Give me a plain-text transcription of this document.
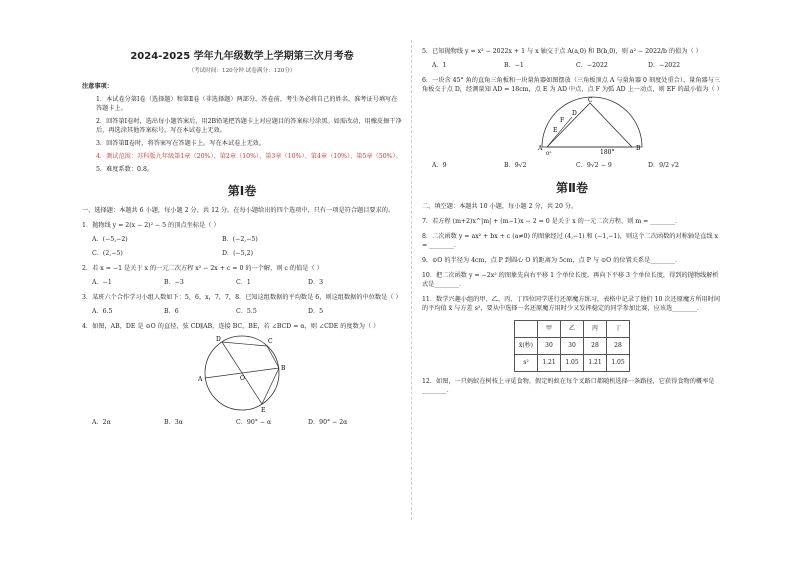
2024-2025 学年九年级数学上学期第三次月考卷
（考试时间：120分钟 试卷满分：120分）
注意事项：
1．本试卷分第Ⅰ卷（选择题）和第Ⅱ卷（非选择题）两部分。答卷前，考生务必将自己的姓名、准考证号填写在答题卡上。
2．回答第Ⅰ卷时，选出每小题答案后，用2B铅笔把答题卡上对应题目的答案标号涂黑。如需改动，用橡皮擦干净后，再选涂其他答案标号。写在本试卷上无效。
3．回答第Ⅱ卷时，将答案写在答题卡上。写在本试卷上无效。
4．测试范围：苏科版九年级第1章（20%）、第2章（10%）、第3章（10%）、第4章（10%）、第5章（50%）。
5．难度系数：0.8。
第Ⅰ卷
一、选择题：本题共 6 小题，每小题 2 分，共 12 分。在每小题给出的四个选项中，只有一项是符合题目要求的。
1．抛物线 y = 2(x − 2)² − 5 的顶点坐标是（ ）
A．(−5,−2)	B．(−2,−5)
C．(2,−5)	D．(−5,2)
2．若 x = −1 是关于 x 的一元二次方程 x² − 2x + c = 0 的一个解，则 c 的值是（ ）
A．−1	B．−3	C．1	D．3
3．某班六个合作学习小组人数如下：5，6，x，7，7，8．已知这组数据的平均数是 6，则这组数据的中位数是（ ）
A．6.5	B．6	C．5.5	D．5
4．如图，AB，DE 是 ⊙O 的直径，弦 CD∥AB，连接 BC，BE，若 ∠BCD = α，则 ∠CDE 的度数为（ ）
C
D
A	O
B
E
A．2α	B．3α	C．90° − α	D．90° − 2α
5．已知抛物线 y = x² − 2022x + 1 与 x 轴交于点 A(a,0) 和 B(b,0)，则 a² − 2022/b 的值为（ ）
A．1	B．−1	C．−2022	D．−2022
6．一块含 45° 角的直角三角板和一块量角器如图摆放（三角板顶点 A 与量角器 0 刻度处重合），量角器与三角板交于点 D，经测量知 AD = 18cm，点 E 为 AD 中点，点 F 为弧 AD 上一动点，则 EF 的最小值为（ ）
C
F
D
E
A	B
0°	180°
A．9	B．9√2	C．9√2 − 9	D．9/2 √2
第Ⅱ卷
二、填空题：本题共 10 小题，每小题 2 分，共 20 分。
7．若方程 (m+2)x^|m| + (m−1)x − 2 = 0 是关于 x 的一元二次方程，则 m = ________．
8．二次函数 y = ax² + bx + c (a≠0) 的图象经过 (4,−1) 和 (−1,−1)，则这个二次函数的对称轴是直线 x = ________．
9．⊙O 的半径为 4cm，点 P 到圆心 O 的距离为 5cm，点 P 与 ⊙O 的位置关系是________．
10．把二次函数 y = −2x² 的图象先向右平移 1 个单位长度，再向下平移 3 个单位长度，得到的抛物线解析式是________．
11．数学兴趣小组的甲、乙、丙、丁四位同学进行还原魔方练习，表格中记录了他们 10 次还原魔方所用时间的平均值 x̄ 与方差 s²，要从中选择一名还原魔方用时少又发挥稳定的同学参加比赛，应该选________．
	甲	乙	丙	丁
x̄(秒)	30	30	28	28
s²	1.21	1.05	1.21	1.05
12．如图，一只蚂蚁在树枝上寻觅食物，假定蚂蚁在每个叉路口都随机选择一条路径，它获得食物的概率是________．
